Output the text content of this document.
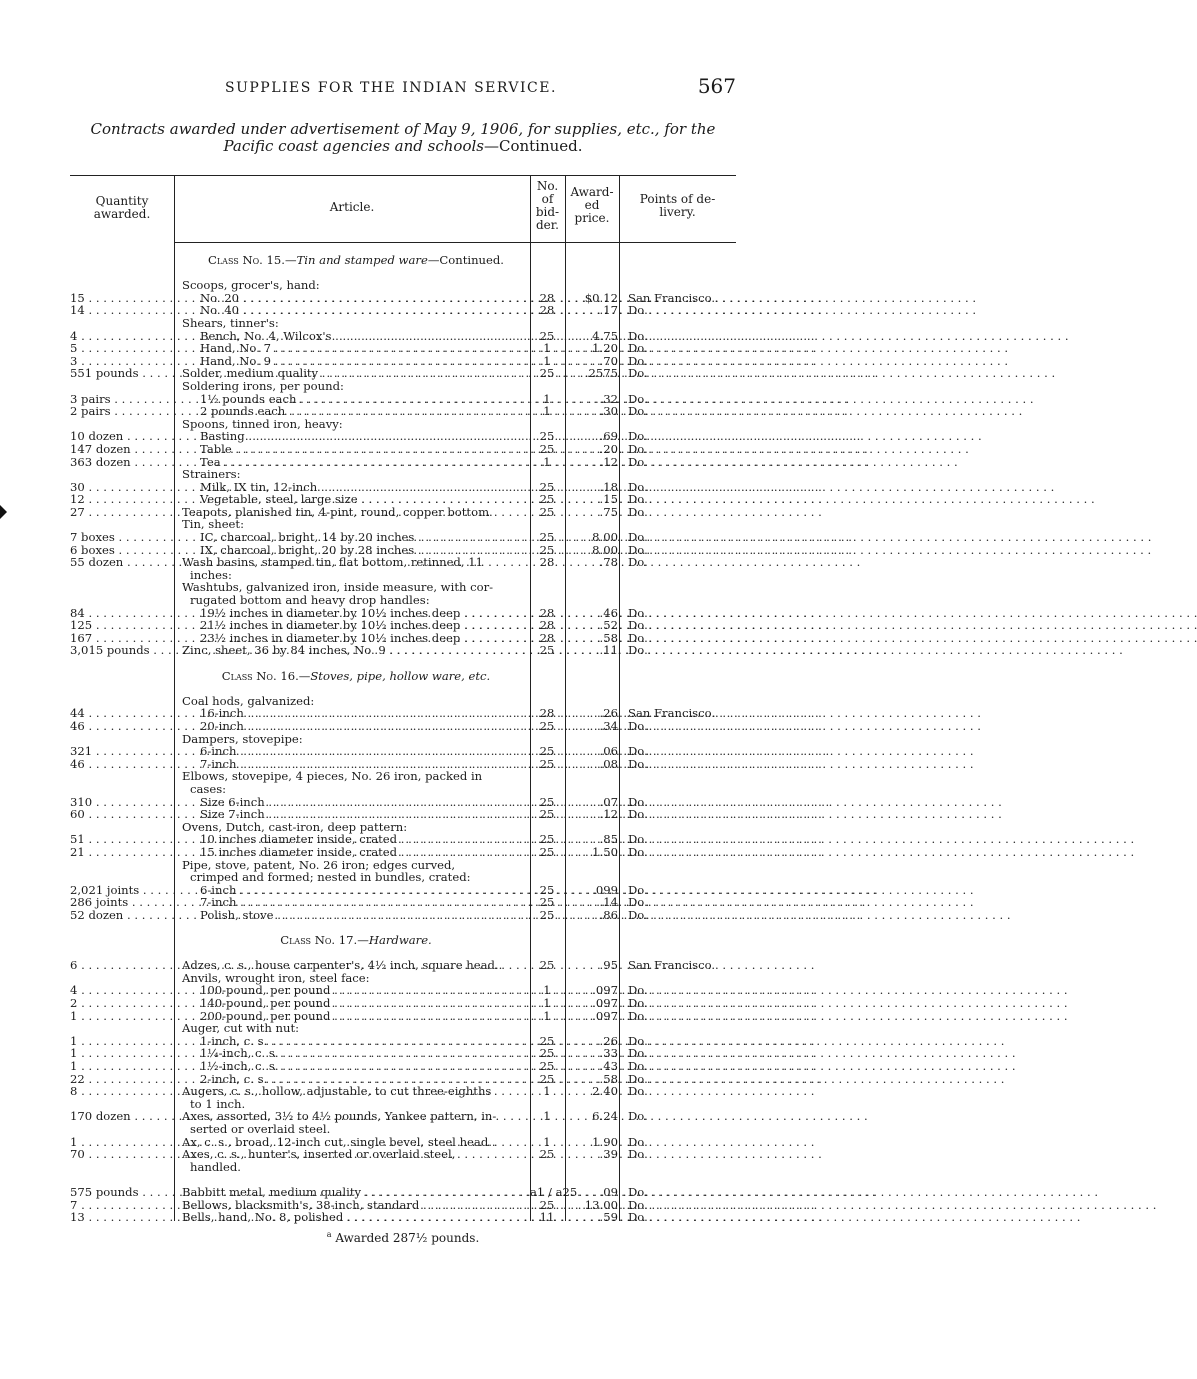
SUPPLIES FOR THE INDIAN SERVICE.	567
Contracts awarded under advertisement of May 9, 1906, for supplies, etc., for the Pacific coast agencies and schools—Continued.
Quantity
awarded.	Article.
No.
of
bid-
der.
Award-
ed
price.
Points of de-
livery.
Class No. 15.—Tin and stamped ware—Continued.
Scoops, grocer's, hand:
15 . . .	No. 20 . . .	28	$0.12 San Francisco.
14 . . .	No. 40 . . .	28	.17 Do.
Shears, tinner's:
4 . . .	Bench, No. 4, Wilcox's . . .	25	4.75 Do.
5 . . .	Hand, No. 7 . . .	1	1.20 Do.
3 . . .	Hand, No. 9 . . .	1	.70 Do.
551 pounds . . .	Solder, medium quality . . .	25	.2575 Do.
Soldering irons, per pound:
3 pairs . . .	1½ pounds each . . .	1	.32 Do.
2 pairs . . .	2 pounds each . . .	1	.30 Do.
Spoons, tinned iron, heavy:
10 dozen . . .	Basting . . .	25	.69 Do.
147 dozen . . .	Table . . .	25	.20 Do.
363 dozen . . .	Tea . . .	1	.12 Do.
Strainers:
30 . . .	Milk, IX tin, 12-inch . . .	25	.18 Do.
12 . . .	Vegetable, steel, large size . . .	25	.15 Do.
27 . . .	Teapots, planished tin, 4-pint, round, copper bottom.	25	.75 Do.
Tin, sheet:
7 boxes . . .	IC, charcoal, bright, 14 by 20 inches . . .	25	8.00 Do.
6 boxes . . .	IX, charcoal, bright, 20 by 28 inches . . .	25	8.00 Do.
55 dozen . . .	Wash basins, stamped tin, flat bottom, retinned, 11	28	.78 Do.
inches:
Washtubs, galvanized iron, inside measure, with cor-
rugated bottom and heavy drop handles:
84 . . .	19½ inches in diameter by 10½ inches deep . . .	28	.46 Do.
125 . . .	21½ inches in diameter by 10½ inches deep . . .	28	.52 Do.
167 . . .	23½ inches in diameter by 10½ inches deep . . .	28	.58 Do.
3,015 pounds . . .	Zinc, sheet, 36 by 84 inches, No. 9 . . .	25	.11 Do.
Class No. 16.—Stoves, pipe, hollow ware, etc.
Coal hods, galvanized:
44 . . .	16-inch . . .	28	.26 San Francisco.
46 . . .	20-inch . . .	25	.34 Do.
Dampers, stovepipe:
321 . . .	6-inch . . .	25	.06 Do.
46 . . .	7-inch . . .	25	.08 Do.
Elbows, stovepipe, 4 pieces, No. 26 iron, packed in
cases:
310 . . .	Size 6-inch . . .	25	.07 Do.
60 . . .	Size 7-inch . . .	25	.12 Do.
Ovens, Dutch, cast-iron, deep pattern:
51 . . .	10 inches diameter inside, crated . . .	25	.85 Do.
21 . . .	15 inches diameter inside, crated . . .	25	1.50 Do.
Pipe, stove, patent, No. 26 iron; edges curved,
crimped and formed; nested in bundles, crated:
2,021 joints . . .	6-inch . . .	25	.099 Do.
286 joints . . .	7-inch . . .	25	.14 Do.
52 dozen . . .	Polish, stove . . .	25	.86 Do.
Class No. 17.—Hardware.
6 . . .	Adzes, c. s., house carpenter's, 4½ inch, square head..	25	.95 San Francisco.
Anvils, wrought iron, steel face:
4 . . .	100-pound, per pound . . .	1	.097 Do.
2 . . .	140-pound, per pound . . .	1	.097 Do.
1 . . .	200-pound, per pound . . .	1	.097 Do.
Auger, cut with nut:
1 . . .	1-inch, c. s. . . .	25	.26 Do.
1 . . .	1¼-inch, c. s. . . .	25	.33 Do.
1 . . .	1½-inch, c. s. . . .	25	.43 Do.
22 . . .	2-inch, c. s. . . .	25	.58 Do.
8 . . .	Augers, c. s., hollow, adjustable, to cut three-eighths	1	2.40 Do.
to 1 inch.
170 dozen . . .	Axes, assorted, 3½ to 4½ pounds, Yankee pattern, in-	1	6.24 Do.
serted or overlaid steel.
1 . . .	Ax, c. s., broad, 12-inch cut, single bevel, steel head..	1	1.90 Do.
70 . . .	Axes, c. s., hunter's, inserted or overlaid steel,	25	.39 Do.
handled.
575 pounds . . .	Babbitt metal, medium quality . . .	a1 / a25	.09 Do.
7 . . .	Bellows, blacksmith's, 38-inch, standard . . .	25	13.00 Do.
13 . . .	Bells, hand, No. 8, polished . . .	11	.59 Do.
$^a$ Awarded 287½ pounds.
